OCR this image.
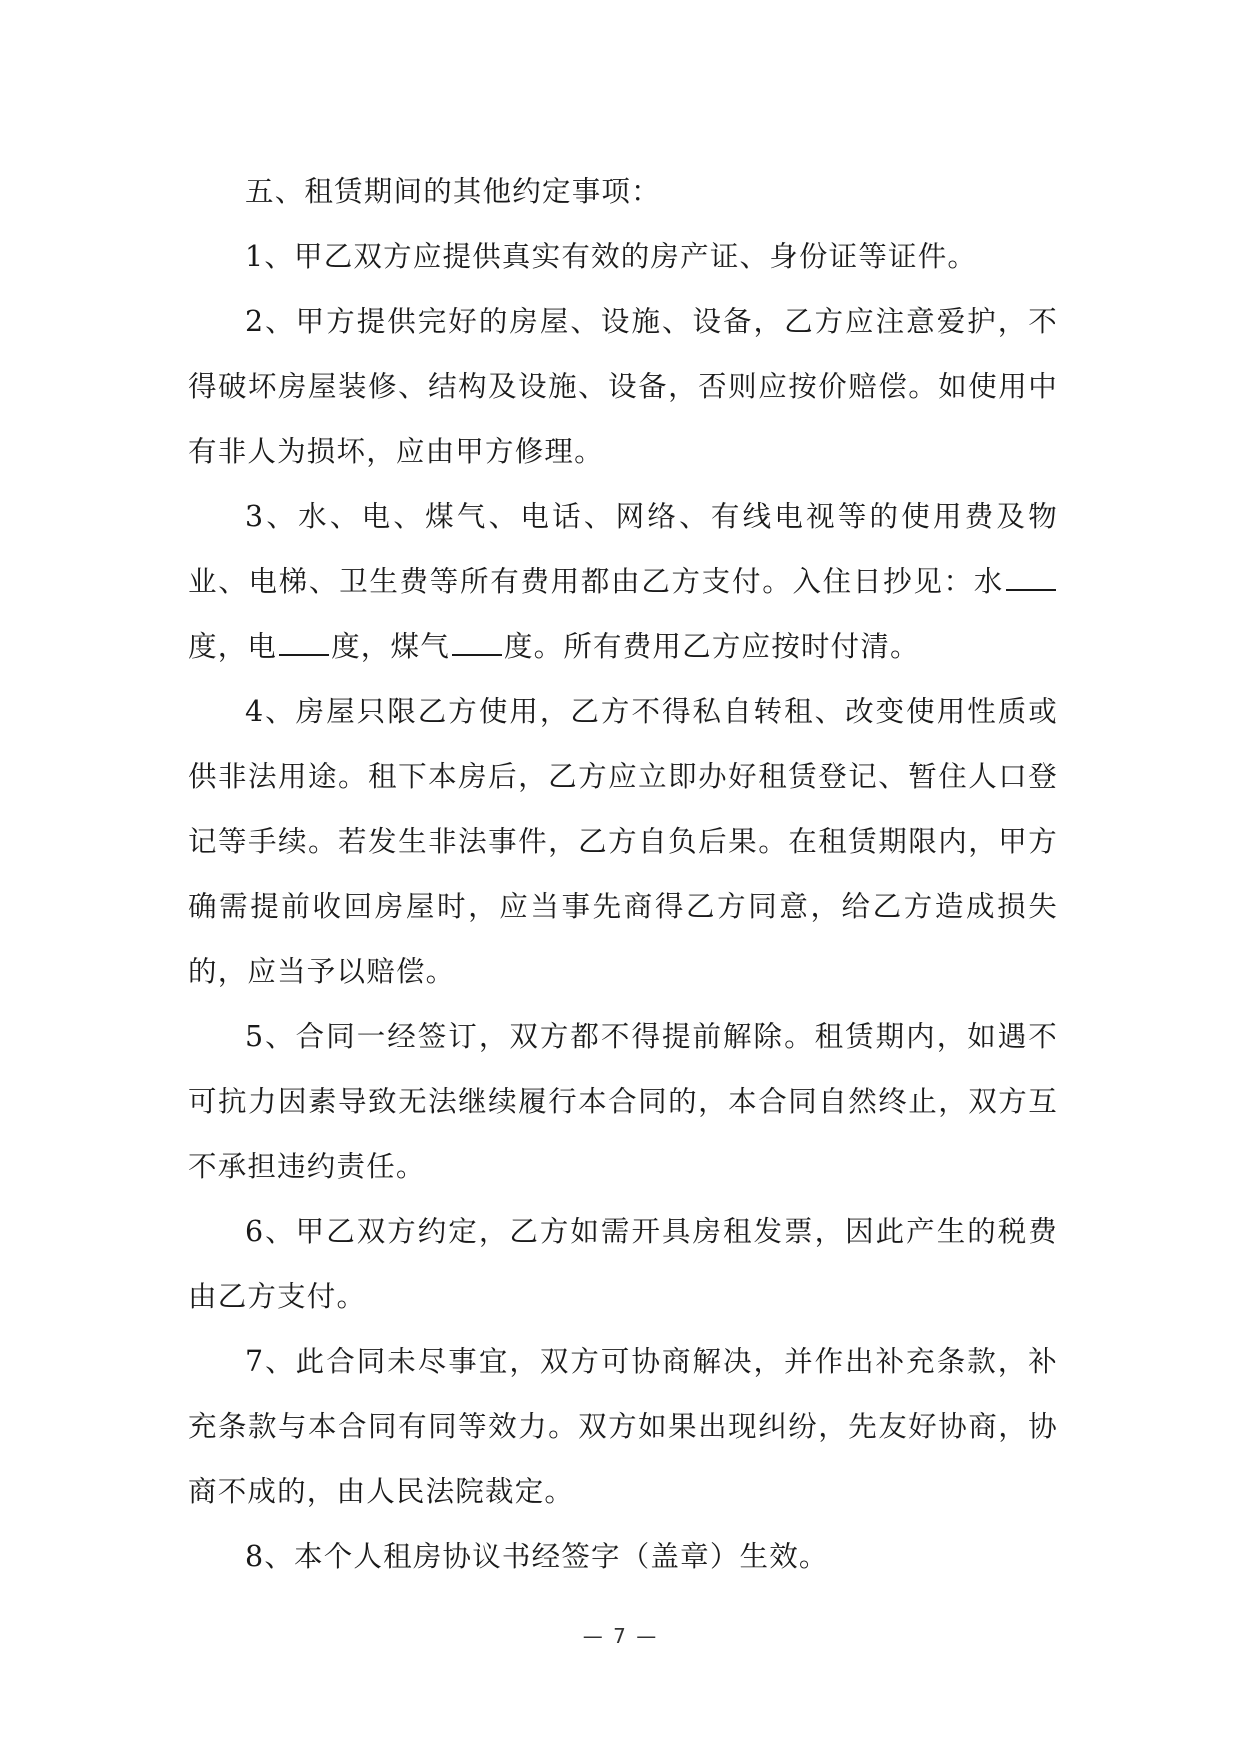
五、租赁期间的其他约定事项：

1、甲乙双方应提供真实有效的房产证、身份证等证件。

2、甲方提供完好的房屋、设施、设备，乙方应注意爱护，不得破坏房屋装修、结构及设施、设备，否则应按价赔偿。如使用中有非人为损坏，应由甲方修理。

3、水、电、煤气、电话、网络、有线电视等的使用费及物业、电梯、卫生费等所有费用都由乙方支付。入住日抄见：水度，电 度，煤气 度。所有费用乙方应按时付清。

4、房屋只限乙方使用，乙方不得私自转租、改变使用性质或供非法用途。租下本房后，乙方应立即办好租赁登记、暂住人口登记等手续。若发生非法事件，乙方自负后果。在租赁期限内，甲方确需提前收回房屋时，应当事先商得乙方同意，给乙方造成损失的，应当予以赔偿。

5、合同一经签订，双方都不得提前解除。租赁期内，如遇不可抗力因素导致无法继续履行本合同的，本合同自然终止，双方互不承担违约责任。

6、甲乙双方约定，乙方如需开具房租发票，因此产生的税费由乙方支付。

7、此合同未尽事宜，双方可协商解决，并作出补充条款，补充条款与本合同有同等效力。双方如果出现纠纷，先友好协商，协商不成的，由人民法院裁定。

8、本个人租房协议书经签字（盖章）生效。

— 7 —
